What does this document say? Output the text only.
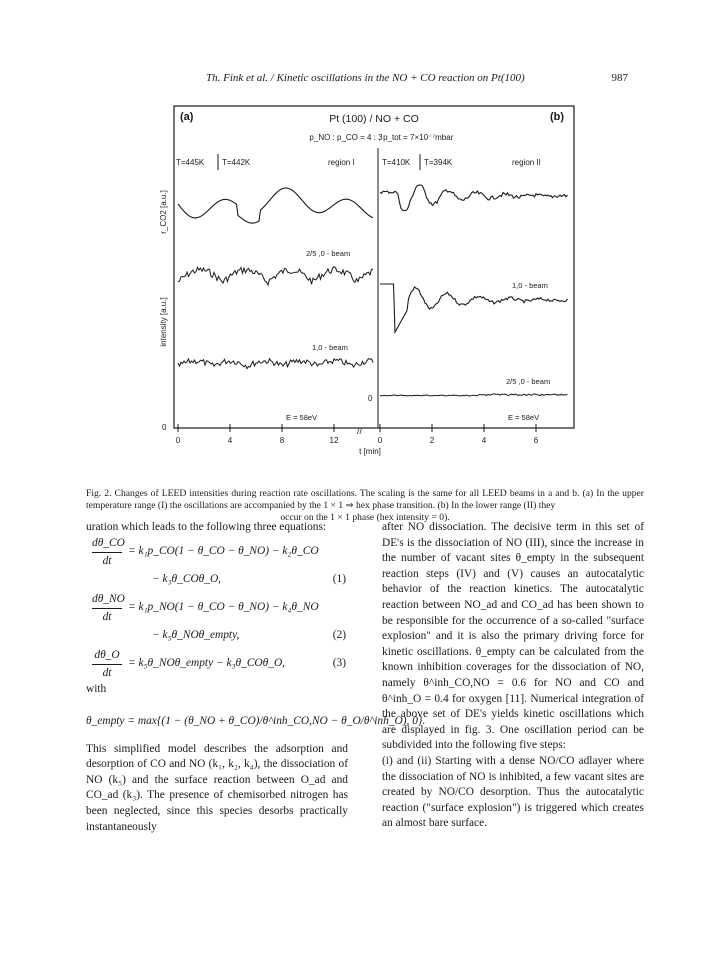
Th. Fink et al. / Kinetic oscillations in the NO + CO reaction on Pt(100)	987
(a)	(b)
Pt (100) / NO + CO
p_NO : p_CO = 4 : 3
, p_tot = 7×10⁻⁷mbar
T=445K T=442K	region I	T=410K T=394K	region II
r_CO2 [a.u.]
intensity [a.u.]
2/5 ,0 - beam
1,0 - beam
1,0 - beam
2/5 ,0 - beam
0
0
E = 58eV	E = 58eV
//
0	4	8	12	0	2	4	6
t [min]
Fig. 2. Changes of LEED intensities during reaction rate oscillations. The scaling is the same for all LEED beams in a and b. (a) In the upper temperature range (I) the oscillations are accompanied by the 1 × 1 ⇒ hex phase transition. (b) In the lower range (II) they
occur on the 1 × 1 phase (hex intensity = 0).

uration which leads to the following three equations:

dθ_CO
dt
= k₁p_CO(1 − θ_CO − θ_NO) − k₂θ_CO
− k₃θ_COθ_O,	(1)
dθ_NO
dt
= k₁p_NO(1 − θ_CO − θ_NO) − k₄θ_NO
− k₅θ_NOθ_empty,	(2)
dθ_O
dt
= k₅θ_NOθ_empty − k₃θ_COθ_O,	(3)

with

θ_empty = max{(1 − (θ_NO + θ_CO)/θ^inh_CO,NO − θ_O/θ^inh_O), 0}.

This simplified model describes the adsorption and desorption of CO and NO (k₁, k₂, k₄), the dissociation of NO (k₅) and the surface reaction between O_ad and CO_ad (k₃). The presence of chemisorbed nitrogen has been neglected, since this species desorbs practically instantaneously

after NO dissociation. The decisive term in this set of DE's is the dissociation of NO (III), since the increase in the number of vacant sites θ_empty in the subsequent reaction steps (IV) and (V) causes an autocatalytic behavior of the reaction kinetics. The autocatalytic reaction between NO_ad and CO_ad has been shown to be responsible for the occurrence of a so-called "surface explosion" and it is also the primary driving force for kinetic oscillations. θ_empty can be calculated from the known inhibition coverages for the dissociation of NO, namely θ^inh_CO,NO = 0.6 for NO and CO and θ^inh_O = 0.4 for oxygen [11]. Numerical integration of the above set of DE's yields kinetic oscillations which are displayed in fig. 3. One oscillation period can be subdivided into the following five steps:

(i) and (ii) Starting with a dense NO/CO adlayer where the dissociation of NO is inhibited, a few vacant sites are created by NO/CO desorption. Thus the autocatalytic reaction ("surface explosion") is triggered which creates an almost bare surface.
